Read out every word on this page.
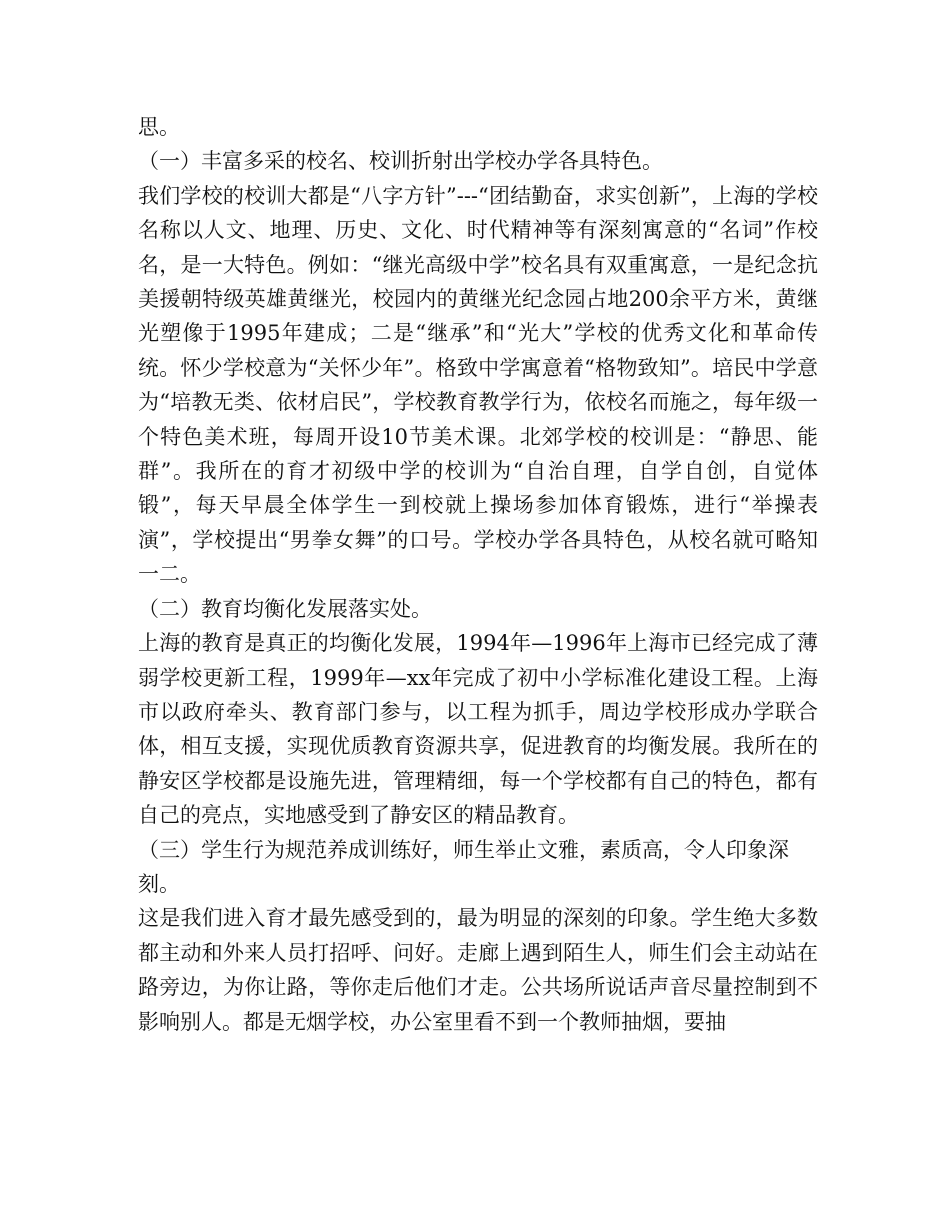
思。

（一）丰富多采的校名、校训折射出学校办学各具特色。

我们学校的校训大都是“八字方针”---“团结勤奋，求实创新”，上海的学校名称以人文、地理、历史、文化、时代精神等有深刻寓意的“名词”作校名，是一大特色。例如：“继光高级中学”校名具有双重寓意，一是纪念抗美援朝特级英雄黄继光，校园内的黄继光纪念园占地200余平方米，黄继光塑像于1995年建成；二是“继承”和“光大”学校的优秀文化和革命传统。怀少学校意为“关怀少年”。格致中学寓意着“格物致知”。培民中学意为“培教无类、依材启民”，学校教育教学行为，依校名而施之，每年级一个特色美术班，每周开设10节美术课。北郊学校的校训是：“静思、能群”。我所在的育才初级中学的校训为“自治自理，自学自创，自觉体锻”，每天早晨全体学生一到校就上操场参加体育锻炼，进行“举操表演”，学校提出“男拳女舞”的口号。学校办学各具特色，从校名就可略知一二。

（二）教育均衡化发展落实处。

上海的教育是真正的均衡化发展，1994年—1996年上海市已经完成了薄弱学校更新工程，1999年—xx年完成了初中小学标准化建设工程。上海市以政府牵头、教育部门参与，以工程为抓手，周边学校形成办学联合体，相互支援，实现优质教育资源共享，促进教育的均衡发展。我所在的静安区学校都是设施先进，管理精细，每一个学校都有自己的特色，都有自己的亮点，实地感受到了静安区的精品教育。

（三）学生行为规范养成训练好，师生举止文雅，素质高，令人印象深刻。

这是我们进入育才最先感受到的，最为明显的深刻的印象。学生绝大多数都主动和外来人员打招呼、问好。走廊上遇到陌生人，师生们会主动站在路旁边，为你让路，等你走后他们才走。公共场所说话声音尽量控制到不影响别人。都是无烟学校，办公室里看不到一个教师抽烟，要抽
